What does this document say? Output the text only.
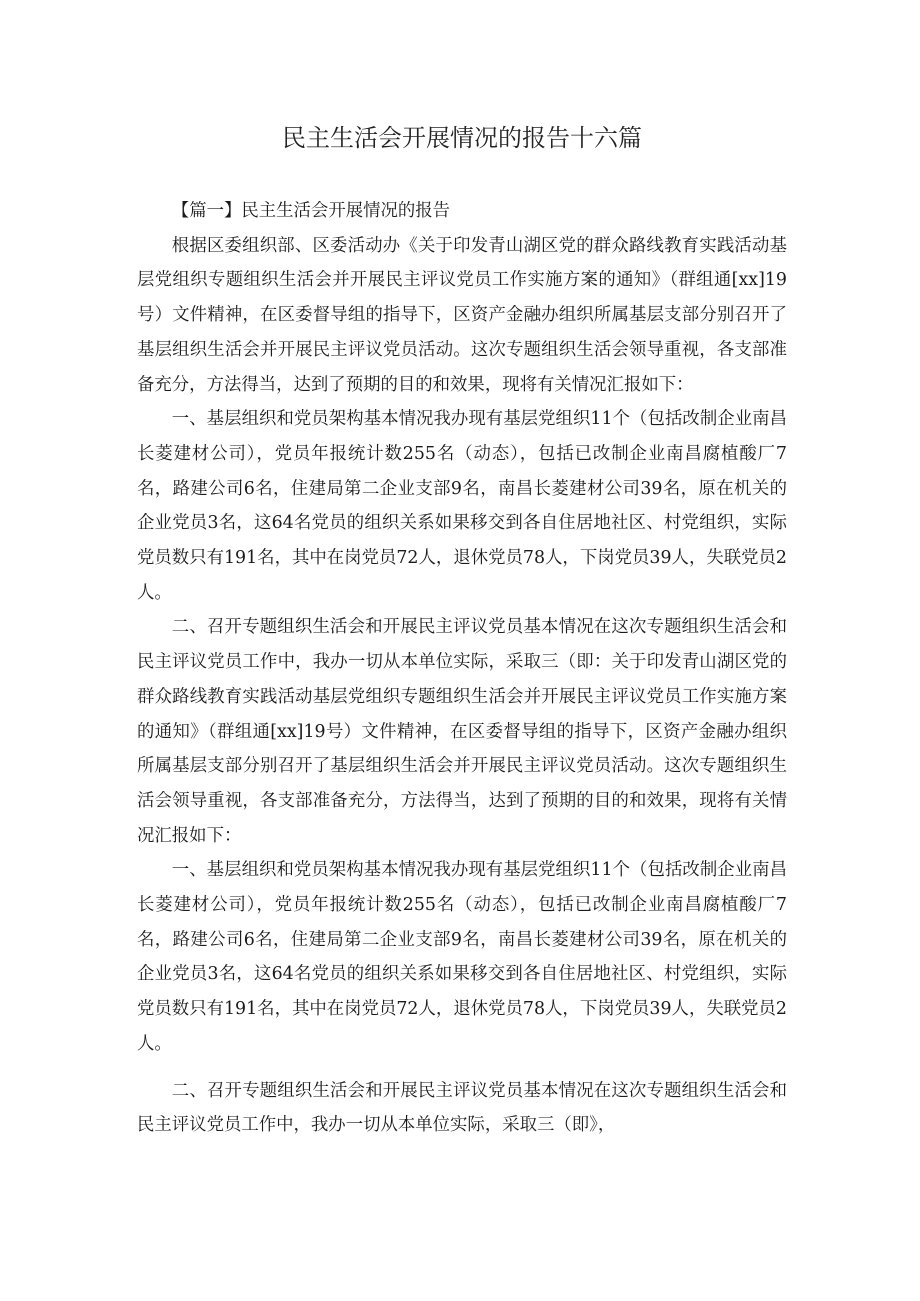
民主生活会开展情况的报告十六篇

【篇一】民主生活会开展情况的报告

根据区委组织部、区委活动办《关于印发青山湖区党的群众路线教育实践活动基层党组织专题组织生活会并开展民主评议党员工作实施方案的通知》（群组通[xx]19号）文件精神，在区委督导组的指导下，区资产金融办组织所属基层支部分别召开了基层组织生活会并开展民主评议党员活动。这次专题组织生活会领导重视，各支部准备充分，方法得当，达到了预期的目的和效果，现将有关情况汇报如下：

一、基层组织和党员架构基本情况我办现有基层党组织11个（包括改制企业南昌长菱建材公司），党员年报统计数255名（动态），包括已改制企业南昌腐植酸厂7名，路建公司6名，住建局第二企业支部9名，南昌长菱建材公司39名，原在机关的企业党员3名，这64名党员的组织关系如果移交到各自住居地社区、村党组织，实际党员数只有191名，其中在岗党员72人，退休党员78人，下岗党员39人，失联党员2人。

二、召开专题组织生活会和开展民主评议党员基本情况在这次专题组织生活会和民主评议党员工作中，我办一切从本单位实际，采取三（即：关于印发青山湖区党的群众路线教育实践活动基层党组织专题组织生活会并开展民主评议党员工作实施方案的通知》（群组通[xx]19号）文件精神，在区委督导组的指导下，区资产金融办组织所属基层支部分别召开了基层组织生活会并开展民主评议党员活动。这次专题组织生活会领导重视，各支部准备充分，方法得当，达到了预期的目的和效果，现将有关情况汇报如下：

一、基层组织和党员架构基本情况我办现有基层党组织11个（包括改制企业南昌长菱建材公司），党员年报统计数255名（动态），包括已改制企业南昌腐植酸厂7名，路建公司6名，住建局第二企业支部9名，南昌长菱建材公司39名，原在机关的企业党员3名，这64名党员的组织关系如果移交到各自住居地社区、村党组织，实际党员数只有191名，其中在岗党员72人，退休党员78人，下岗党员39人，失联党员2人。

二、召开专题组织生活会和开展民主评议党员基本情况在这次专题组织生活会和民主评议党员工作中，我办一切从本单位实际，采取三（即》，
